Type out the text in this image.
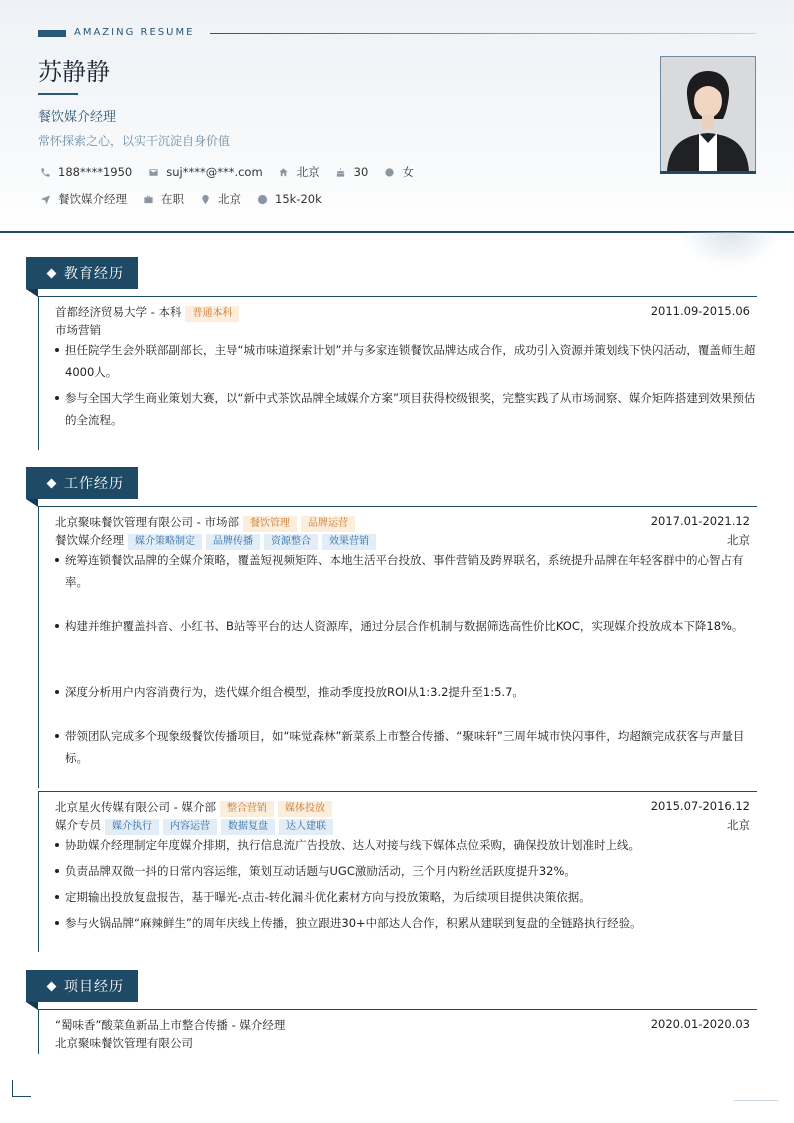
AMAZING RESUME
苏静静
餐饮媒介经理
常怀探索之心，以实干沉淀自身价值
188****1950	suj****@***.com	北京	30	女
餐饮媒介经理	在职	北京	15k-20k
教育经历
首都经济贸易大学 - 本科 普通本科	2011.09-2015.06
市场营销
担任院学生会外联部副部长，主导“城市味道探索计划”并与多家连锁餐饮品牌达成合作，成功引入资源并策划线下快闪活动，覆盖师生超4000人。
参与全国大学生商业策划大赛，以“新中式茶饮品牌全域媒介方案”项目获得校级银奖，完整实践了从市场洞察、媒介矩阵搭建到效果预估的全流程。
工作经历
北京聚味餐饮管理有限公司 - 市场部 餐饮管理 品牌运营	2017.01-2021.12
餐饮媒介经理 媒介策略制定 品牌传播 资源整合 效果营销	北京
统筹连锁餐饮品牌的全媒介策略，覆盖短视频矩阵、本地生活平台投放、事件营销及跨界联名，系统提升品牌在年轻客群中的心智占有率。
构建并维护覆盖抖音、小红书、B站等平台的达人资源库，通过分层合作机制与数据筛选高性价比KOC，实现媒介投放成本下降18%。
深度分析用户内容消费行为，迭代媒介组合模型，推动季度投放ROI从1:3.2提升至1:5.7。
带领团队完成多个现象级餐饮传播项目，如“味觉森林”新菜系上市整合传播、“聚味轩”三周年城市快闪事件，均超额完成获客与声量目标。
北京星火传媒有限公司 - 媒介部 整合营销 媒体投放	2015.07-2016.12
媒介专员 媒介执行 内容运营 数据复盘 达人建联	北京
协助媒介经理制定年度媒介排期，执行信息流广告投放、达人对接与线下媒体点位采购，确保投放计划准时上线。
负责品牌双微一抖的日常内容运维，策划互动话题与UGC激励活动，三个月内粉丝活跃度提升32%。
定期输出投放复盘报告，基于曝光-点击-转化漏斗优化素材方向与投放策略，为后续项目提供决策依据。
参与火锅品牌“麻辣鲜生”的周年庆线上传播，独立跟进30+中部达人合作，积累从建联到复盘的全链路执行经验。
项目经历
“蜀味香”酸菜鱼新品上市整合传播 - 媒介经理	2020.01-2020.03
北京聚味餐饮管理有限公司
